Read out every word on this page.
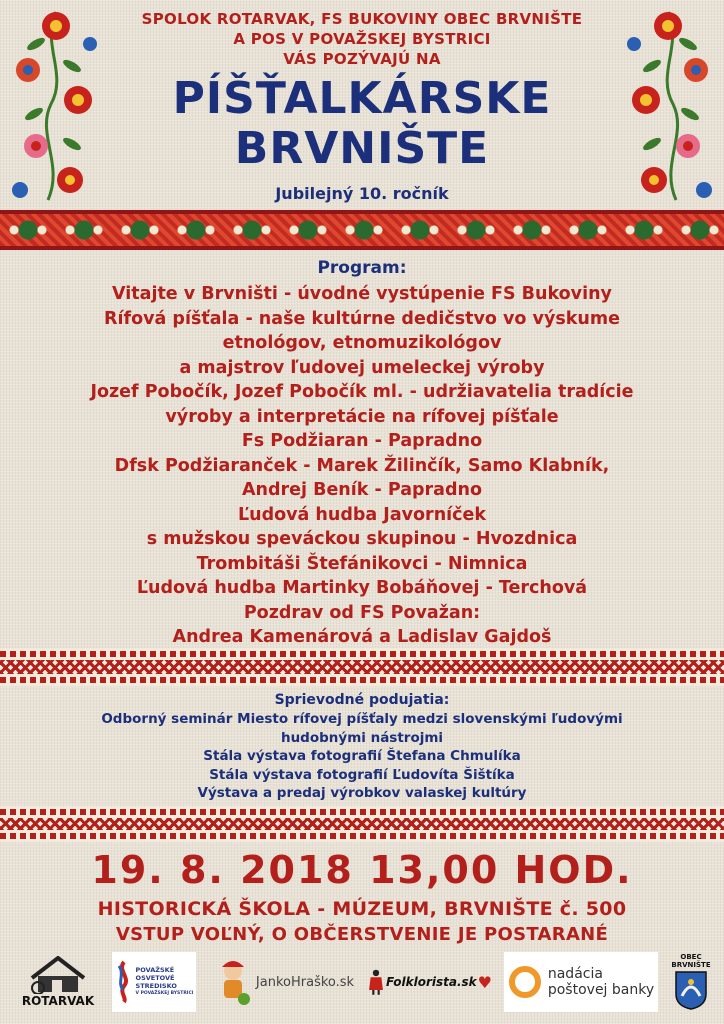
SPOLOK ROTARVAK, FS BUKOVINY OBEC BRVNIŠTE
A POS V POVAŽSKEJ BYSTRICI
VÁS POZÝVAJÚ NA
PÍŠŤALKÁRSKE
BRVNIŠTE
Jubilejný 10. ročník
Program:
Vitajte v Brvništi - úvodné vystúpenie FS Bukoviny
Rífová píšťala - naše kultúrne dedičstvo vo výskume
etnológov, etnomuzikológov
a majstrov ľudovej umeleckej výroby
Jozef Pobočík, Jozef Pobočík ml. - udržiavatelia tradície
výroby a interpretácie na rífovej píšťale
Fs Podžiaran - Papradno
Dfsk Podžiaranček - Marek Žilinčík, Samo Klabník,
Andrej Beník - Papradno
Ľudová hudba Javorníček
s mužskou speváckou skupinou - Hvozdnica
Trombitáši Štefánikovci - Nimnica
Ľudová hudba Martinky Bobáňovej - Terchová
Pozdrav od FS Považan:
Andrea Kamenárová a Ladislav Gajdoš
Sprievodné podujatia:
Odborný seminár Miesto rífovej píšťaly medzi slovenskými ľudovými
hudobnými nástrojmi
Stála výstava fotografií Štefana Chmulíka
Stála výstava fotografií Ľudovíta Šištíka
Výstava a predaj výrobkov valaskej kultúry
19. 8. 2018 13,00 HOD.
HISTORICKÁ ŠKOLA - MÚZEUM, BRVNIŠTE č. 500
VSTUP VOĽNÝ, O OBČERSTVENIE JE POSTARANÉ
ROTARVAK
POVAŽSKÉ
OSVETOVÉ
STREDISKO
V POVAŽSKEJ BYSTRICI
JankoHraško.sk	Folklorista.sk ♥	nadácia
poštovej banky
OBEC
BRVNIŠTE
